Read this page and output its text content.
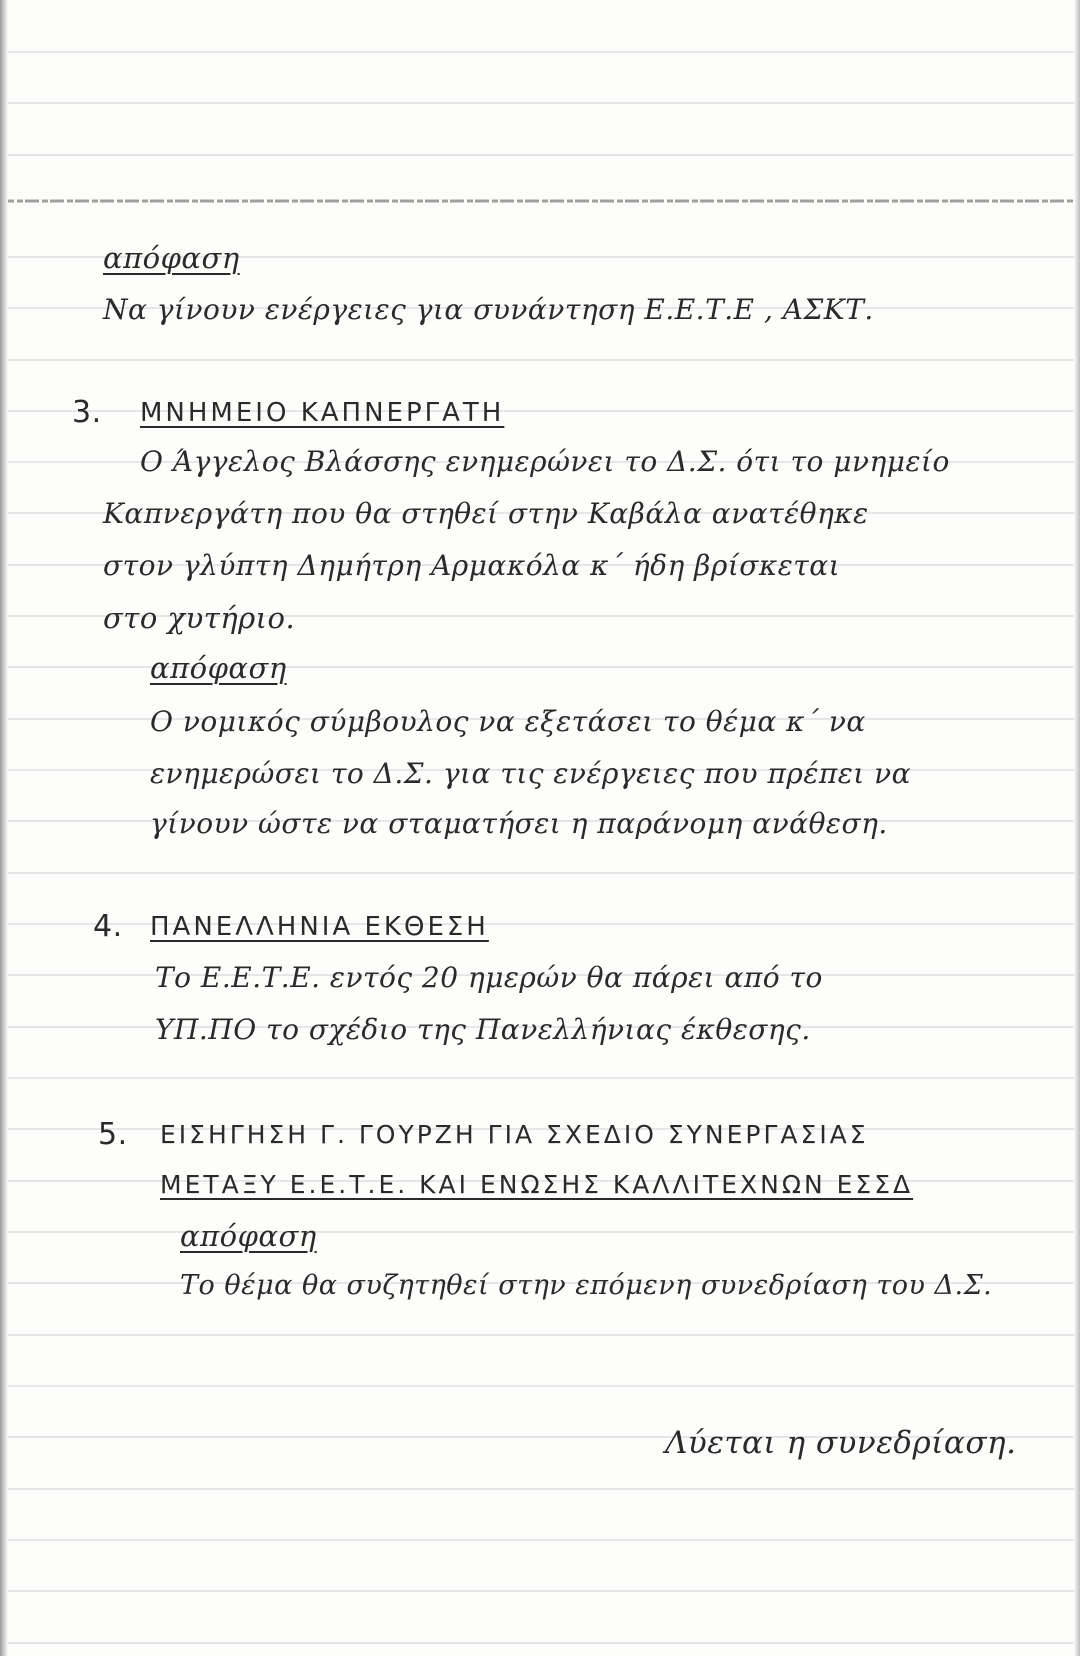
απόφαση
Να γίνουν ενέργειες για συνάντηση Ε.Ε.Τ.Ε , ΑΣΚΤ.
3. ΜΝΗΜΕΙΟ ΚΑΠΝΕΡΓΑΤΗ
Ο Άγγελος Βλάσσης ενημερώνει το Δ.Σ. ότι το μνημείο
Καπνεργάτη που θα στηθεί στην Καβάλα ανατέθηκε
στον γλύπτη Δημήτρη Αρμακόλα κ΄ ήδη βρίσκεται
στο χυτήριο.
απόφαση
Ο νομικός σύμβουλος να εξετάσει το θέμα κ΄ να
ενημερώσει το Δ.Σ. για τις ενέργειες που πρέπει να
γίνουν ώστε να σταματήσει η παράνομη ανάθεση.
4. ΠΑΝΕΛΛΗΝΙΑ ΕΚΘΕΣΗ
Το Ε.Ε.Τ.Ε. εντός 20 ημερών θα πάρει από το
ΥΠ.ΠΟ το σχέδιο της Πανελλήνιας έκθεσης.
5. ΕΙΣΗΓΗΣΗ Γ. ΓΟΥΡΖΗ ΓΙΑ ΣΧΕΔΙΟ ΣΥΝΕΡΓΑΣΙΑΣ
ΜΕΤΑΞΥ Ε.Ε.Τ.Ε. ΚΑΙ ΕΝΩΣΗΣ ΚΑΛΛΙΤΕΧΝΩΝ ΕΣΣΔ
απόφαση
Το θέμα θα συζητηθεί στην επόμενη συνεδρίαση του Δ.Σ.
Λύεται η συνεδρίαση.
